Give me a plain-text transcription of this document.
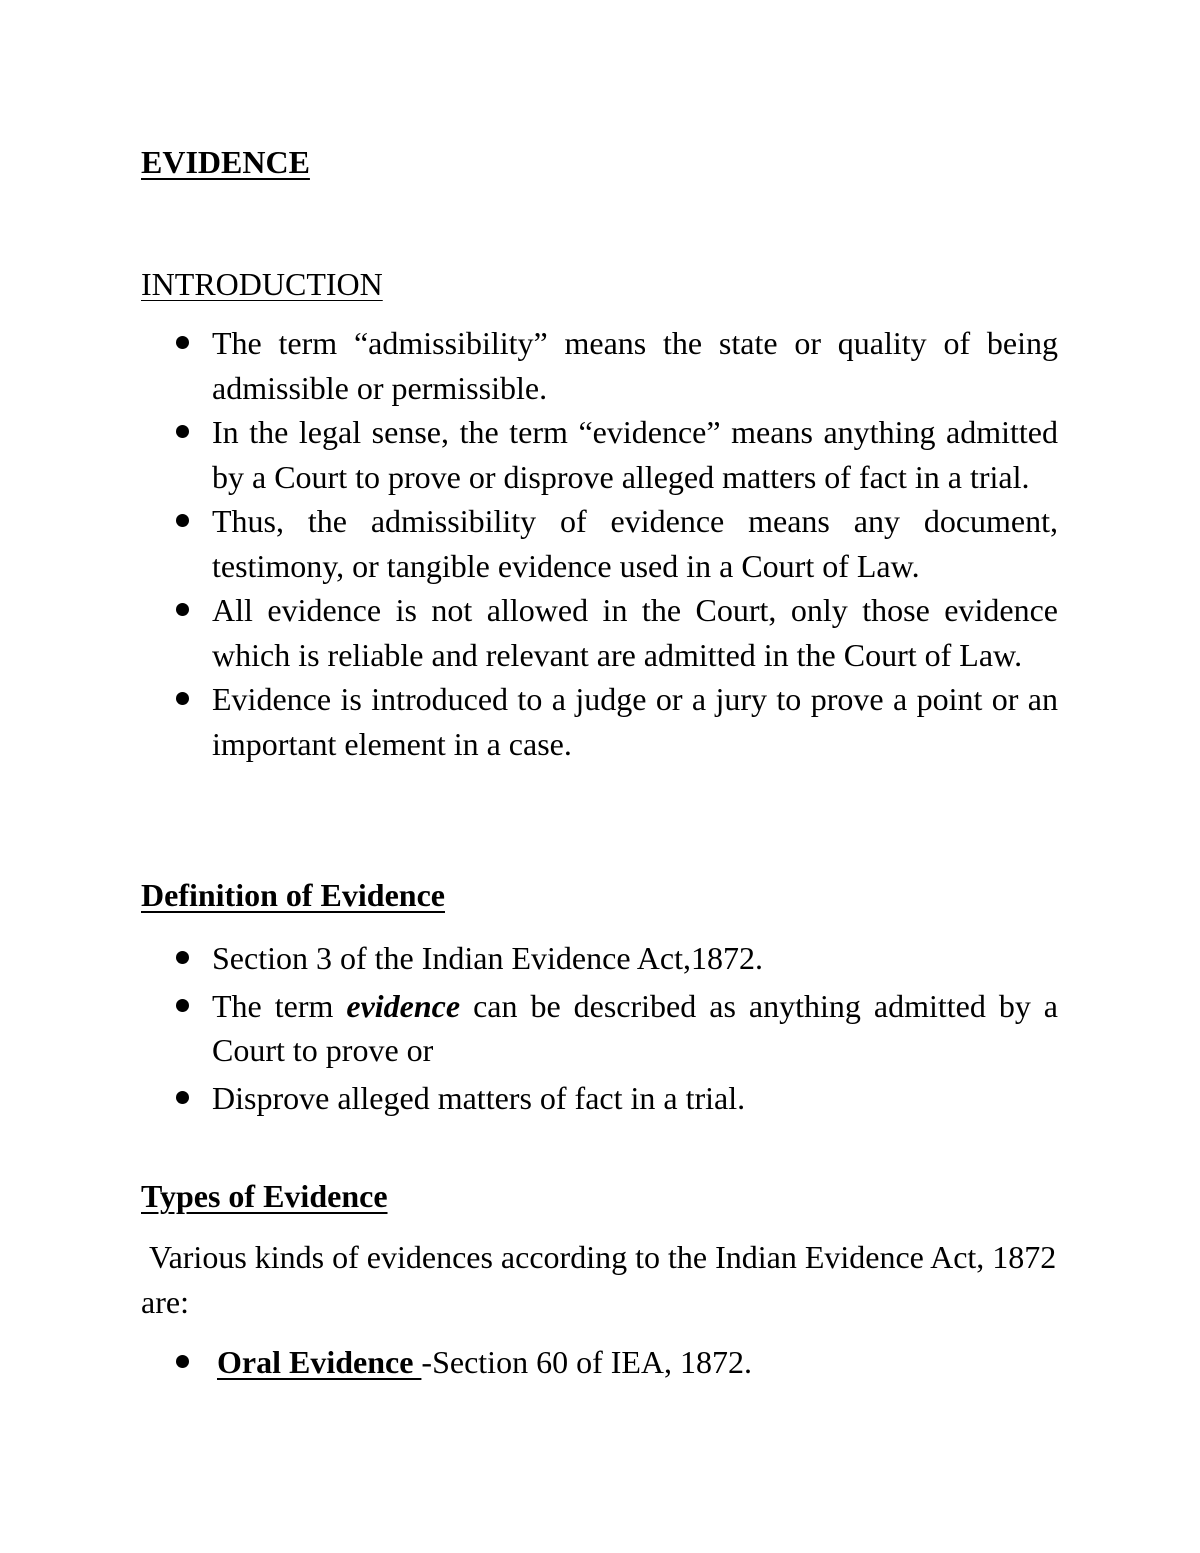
EVIDENCE
INTRODUCTION
The term “admissibility” means the state or quality of being admissible or permissible.
In the legal sense, the term “evidence” means anything admitted by a Court to prove or disprove alleged matters of fact in a trial.
Thus, the admissibility of evidence means any document, testimony, or tangible evidence used in a Court of Law.
All evidence is not allowed in the Court, only those evidence which is reliable and relevant are admitted in the Court of Law.
Evidence is introduced to a judge or a jury to prove a point or an important element in a case.
Definition of Evidence
Section 3 of the Indian Evidence Act,1872.
The term evidence can be described as anything admitted by a Court to prove or
Disprove alleged matters of fact in a trial.
Types of Evidence

Various kinds of evidences according to the Indian Evidence Act, 1872 are:

Oral Evidence -Section 60 of IEA, 1872.
